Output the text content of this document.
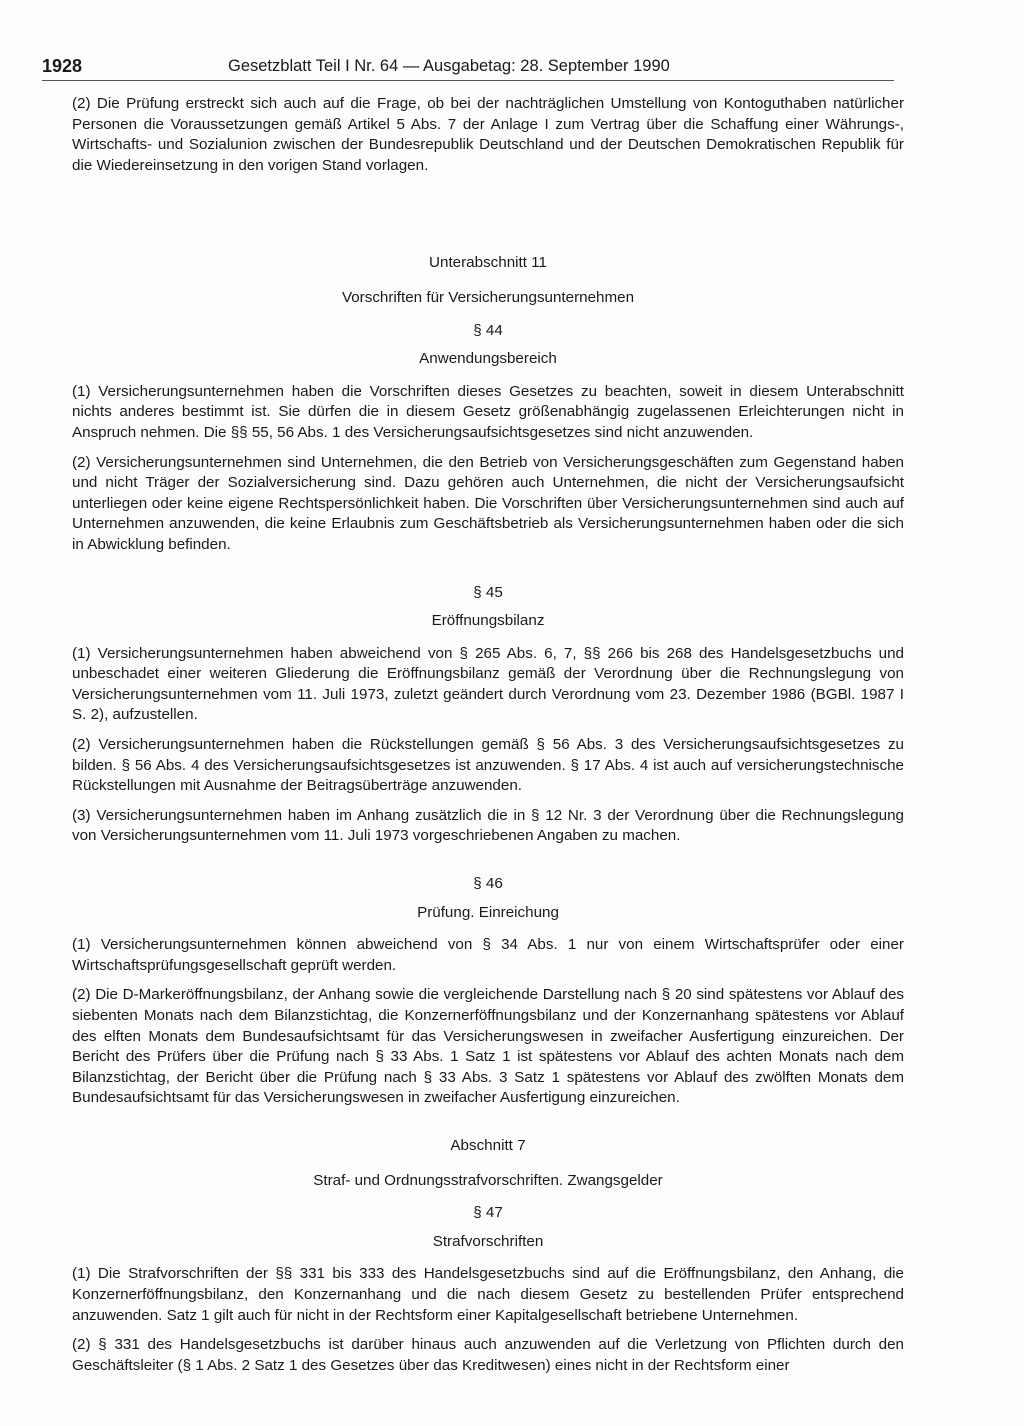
1928	Gesetzblatt Teil I Nr. 64 — Ausgabetag: 28. September 1990

(2) Die Prüfung erstreckt sich auch auf die Frage, ob bei der nachträglichen Umstellung von Kontoguthaben natürlicher Personen die Voraussetzungen gemäß Artikel 5 Abs. 7 der Anlage I zum Vertrag über die Schaffung einer Währungs-, Wirtschafts- und Sozialunion zwischen der Bundesrepublik Deutschland und der Deutschen Demokratischen Republik für die Wiedereinsetzung in den vorigen Stand vorlagen.

Unterabschnitt 11
Vorschriften für Versicherungsunternehmen
§ 44
Anwendungsbereich

(1) Versicherungsunternehmen haben die Vorschriften dieses Gesetzes zu beachten, soweit in diesem Unterabschnitt nichts anderes bestimmt ist. Sie dürfen die in diesem Gesetz größenabhängig zugelassenen Erleichterungen nicht in Anspruch nehmen. Die §§ 55, 56 Abs. 1 des Versicherungsaufsichtsgesetzes sind nicht anzuwenden.

(2) Versicherungsunternehmen sind Unternehmen, die den Betrieb von Versicherungsgeschäften zum Gegenstand haben und nicht Träger der Sozialversicherung sind. Dazu gehören auch Unternehmen, die nicht der Versicherungsaufsicht unterliegen oder keine eigene Rechtspersönlichkeit haben. Die Vorschriften über Versicherungsunternehmen sind auch auf Unternehmen anzuwenden, die keine Erlaubnis zum Geschäftsbetrieb als Versicherungsunternehmen haben oder die sich in Abwicklung befinden.

§ 45
Eröffnungsbilanz

(1) Versicherungsunternehmen haben abweichend von § 265 Abs. 6, 7, §§ 266 bis 268 des Handelsgesetzbuchs und unbeschadet einer weiteren Gliederung die Eröffnungsbilanz gemäß der Verordnung über die Rechnungslegung von Versicherungsunternehmen vom 11. Juli 1973, zuletzt geändert durch Verordnung vom 23. Dezember 1986 (BGBl. 1987 I S. 2), aufzustellen.

(2) Versicherungsunternehmen haben die Rückstellungen gemäß § 56 Abs. 3 des Versicherungsaufsichtsgesetzes zu bilden. § 56 Abs. 4 des Versicherungsaufsichtsgesetzes ist anzuwenden. § 17 Abs. 4 ist auch auf versicherungstechnische Rückstellungen mit Ausnahme der Beitragsüberträge anzuwenden.

(3) Versicherungsunternehmen haben im Anhang zusätzlich die in § 12 Nr. 3 der Verordnung über die Rechnungslegung von Versicherungsunternehmen vom 11. Juli 1973 vorgeschriebenen Angaben zu machen.

§ 46
Prüfung. Einreichung

(1) Versicherungsunternehmen können abweichend von § 34 Abs. 1 nur von einem Wirtschaftsprüfer oder einer Wirtschaftsprüfungsgesellschaft geprüft werden.

(2) Die D-Markeröffnungsbilanz, der Anhang sowie die vergleichende Darstellung nach § 20 sind spätestens vor Ablauf des siebenten Monats nach dem Bilanzstichtag, die Konzernerföffnungsbilanz und der Konzernanhang spätestens vor Ablauf des elften Monats dem Bundesaufsichtsamt für das Versicherungswesen in zweifacher Ausfertigung einzureichen. Der Bericht des Prüfers über die Prüfung nach § 33 Abs. 1 Satz 1 ist spätestens vor Ablauf des achten Monats nach dem Bilanzstichtag, der Bericht über die Prüfung nach § 33 Abs. 3 Satz 1 spätestens vor Ablauf des zwölften Monats dem Bundesaufsichtsamt für das Versicherungswesen in zweifacher Ausfertigung einzureichen.

Abschnitt 7
Straf- und Ordnungsstrafvorschriften. Zwangsgelder
§ 47
Strafvorschriften

(1) Die Strafvorschriften der §§ 331 bis 333 des Handelsgesetzbuchs sind auf die Eröffnungsbilanz, den Anhang, die Konzernerföffnungsbilanz, den Konzernanhang und die nach diesem Gesetz zu bestellenden Prüfer entsprechend anzuwenden. Satz 1 gilt auch für nicht in der Rechtsform einer Kapitalgesellschaft betriebene Unternehmen.

(2) § 331 des Handelsgesetzbuchs ist darüber hinaus auch anzuwenden auf die Verletzung von Pflichten durch den Geschäftsleiter (§ 1 Abs. 2 Satz 1 des Gesetzes über das Kreditwesen) eines nicht in der Rechtsform einer
